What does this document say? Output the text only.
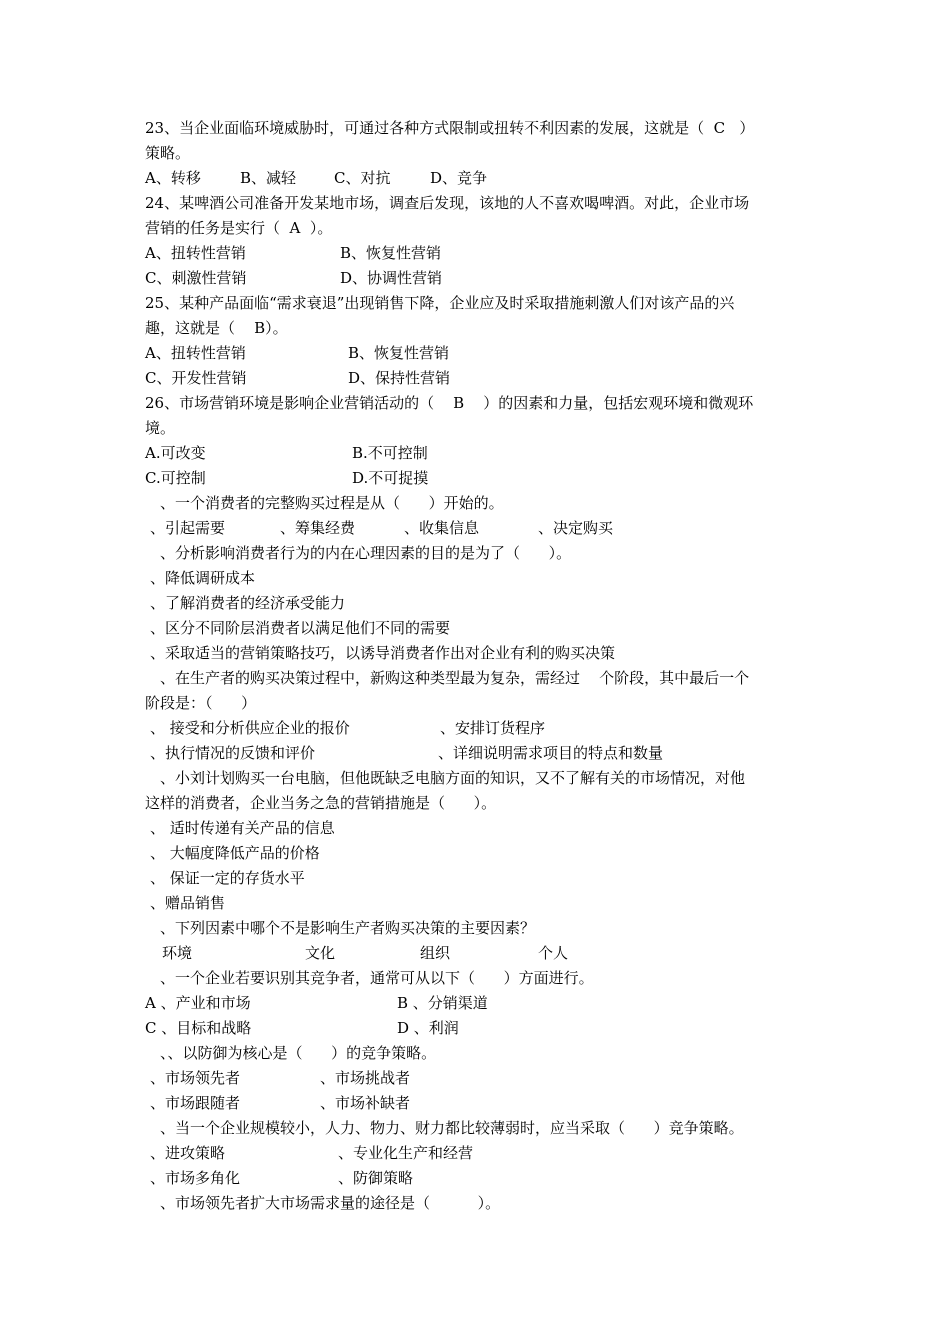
23、当企业面临环境威胁时，可通过各种方式限制或扭转不利因素的发展，这就是（  C   ）

策略。

A、转移	B、减轻	C、对抗	D、竞争

24、某啤酒公司准备开发某地市场，调查后发现，该地的人不喜欢喝啤酒。对此，企业市场

营销的任务是实行（  A  ）。

A、扭转性营销	B、恢复性营销
C、刺激性营销	D、协调性营销

25、某种产品面临“需求衰退”出现销售下降，企业应及时采取措施刺激人们对该产品的兴

趣，这就是（    B）。

A、扭转性营销	B、恢复性营销
C、开发性营销	D、保持性营销

26、市场营销环境是影响企业营销活动的（    B    ）的因素和力量，包括宏观环境和微观环

境。

A.可改变	B.不可控制
C.可控制	D.不可捉摸

、一个消费者的完整购买过程是从（      ）开始的。

、引起需要	、筹集经费	、收集信息	、决定购买

、分析影响消费者行为的内在心理因素的目的是为了（      ）。

、降低调研成本
、了解消费者的经济承受能力
、区分不同阶层消费者以满足他们不同的需要
、采取适当的营销策略技巧，以诱导消费者作出对企业有利的购买决策

、在生产者的购买决策过程中，新购这种类型最为复杂，需经过    个阶段，其中最后一个

阶段是：（      ）

、 接受和分析供应企业的报价	、安排订货程序
、执行情况的反馈和评价	、详细说明需求项目的特点和数量

、小刘计划购买一台电脑，但他既缺乏电脑方面的知识，又不了解有关的市场情况，对他

这样的消费者，企业当务之急的营销措施是（      ）。

、 适时传递有关产品的信息
、 大幅度降低产品的价格
、 保证一定的存货水平
、赠品销售

、下列因素中哪个不是影响生产者购买决策的主要因素？

环境	文化	组织	个人

、一个企业若要识别其竞争者，通常可从以下（      ）方面进行。

A 、产业和市场	B 、分销渠道
C 、目标和战略	D 、利润

、、以防御为核心是（      ）的竞争策略。

、市场领先者	、市场挑战者
、市场跟随者	、市场补缺者

、当一个企业规模较小，人力、物力、财力都比较薄弱时，应当采取（      ）竞争策略。

、进攻策略	、专业化生产和经营
、市场多角化	、防御策略

、市场领先者扩大市场需求量的途径是（          ）。
